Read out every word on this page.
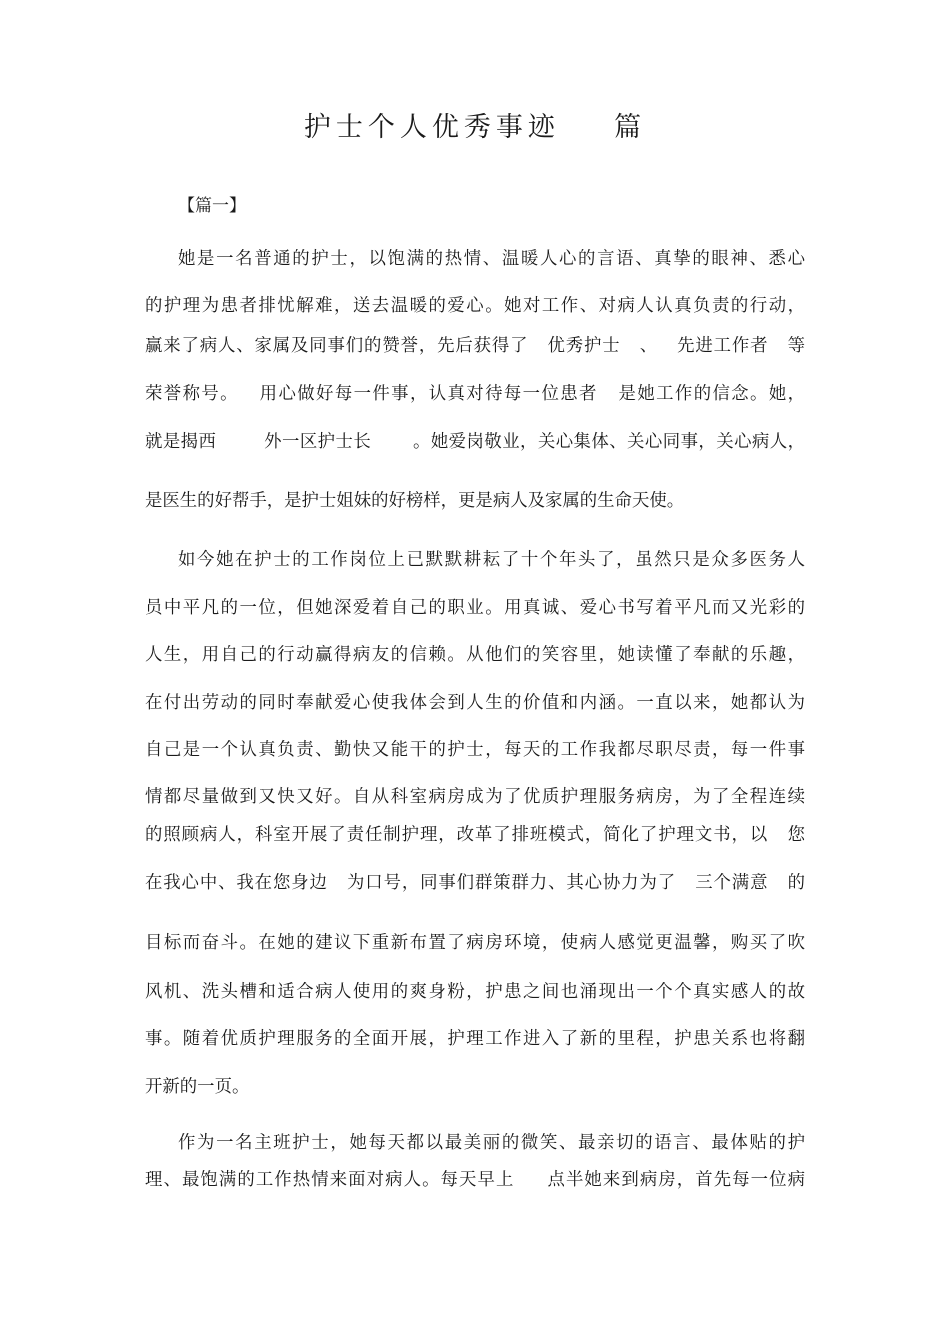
护士个人优秀事迹    篇
【篇一】
她是一名普通的护士，以饱满的热情、温暖人心的言语、真挚的眼神、悉心
的护理为患者排忧解难，送去温暖的爱心。她对工作、对病人认真负责的行动，
赢来了病人、家属及同事们的赞誉，先后获得了   优秀护士   、   先进工作者   等
荣誉称号。   用心做好每一件事，认真对待每一位患者   是她工作的信念。她，
就是揭西        外一区护士长       。她爱岗敬业，关心集体、关心同事，关心病人，
是医生的好帮手，是护士姐妹的好榜样，更是病人及家属的生命天使。
如今她在护士的工作岗位上已默默耕耘了十个年头了，虽然只是众多医务人
员中平凡的一位，但她深爱着自己的职业。用真诚、爱心书写着平凡而又光彩的
人生，用自己的行动赢得病友的信赖。从他们的笑容里，她读懂了奉献的乐趣，
在付出劳动的同时奉献爱心使我体会到人生的价值和内涵。一直以来，她都认为
自己是一个认真负责、勤快又能干的护士，每天的工作我都尽职尽责，每一件事
情都尽量做到又快又好。自从科室病房成为了优质护理服务病房，为了全程连续
的照顾病人，科室开展了责任制护理，改革了排班模式，简化了护理文书，以   您
在我心中、我在您身边   为口号，同事们群策群力、其心协力为了   三个满意   的
目标而奋斗。在她的建议下重新布置了病房环境，使病人感觉更温馨，购买了吹
风机、洗头槽和适合病人使用的爽身粉，护患之间也涌现出一个个真实感人的故
事。随着优质护理服务的全面开展，护理工作进入了新的里程，护患关系也将翻
开新的一页。
作为一名主班护士，她每天都以最美丽的微笑、最亲切的语言、最体贴的护
理、最饱满的工作热情来面对病人。每天早上     点半她来到病房，首先每一位病
